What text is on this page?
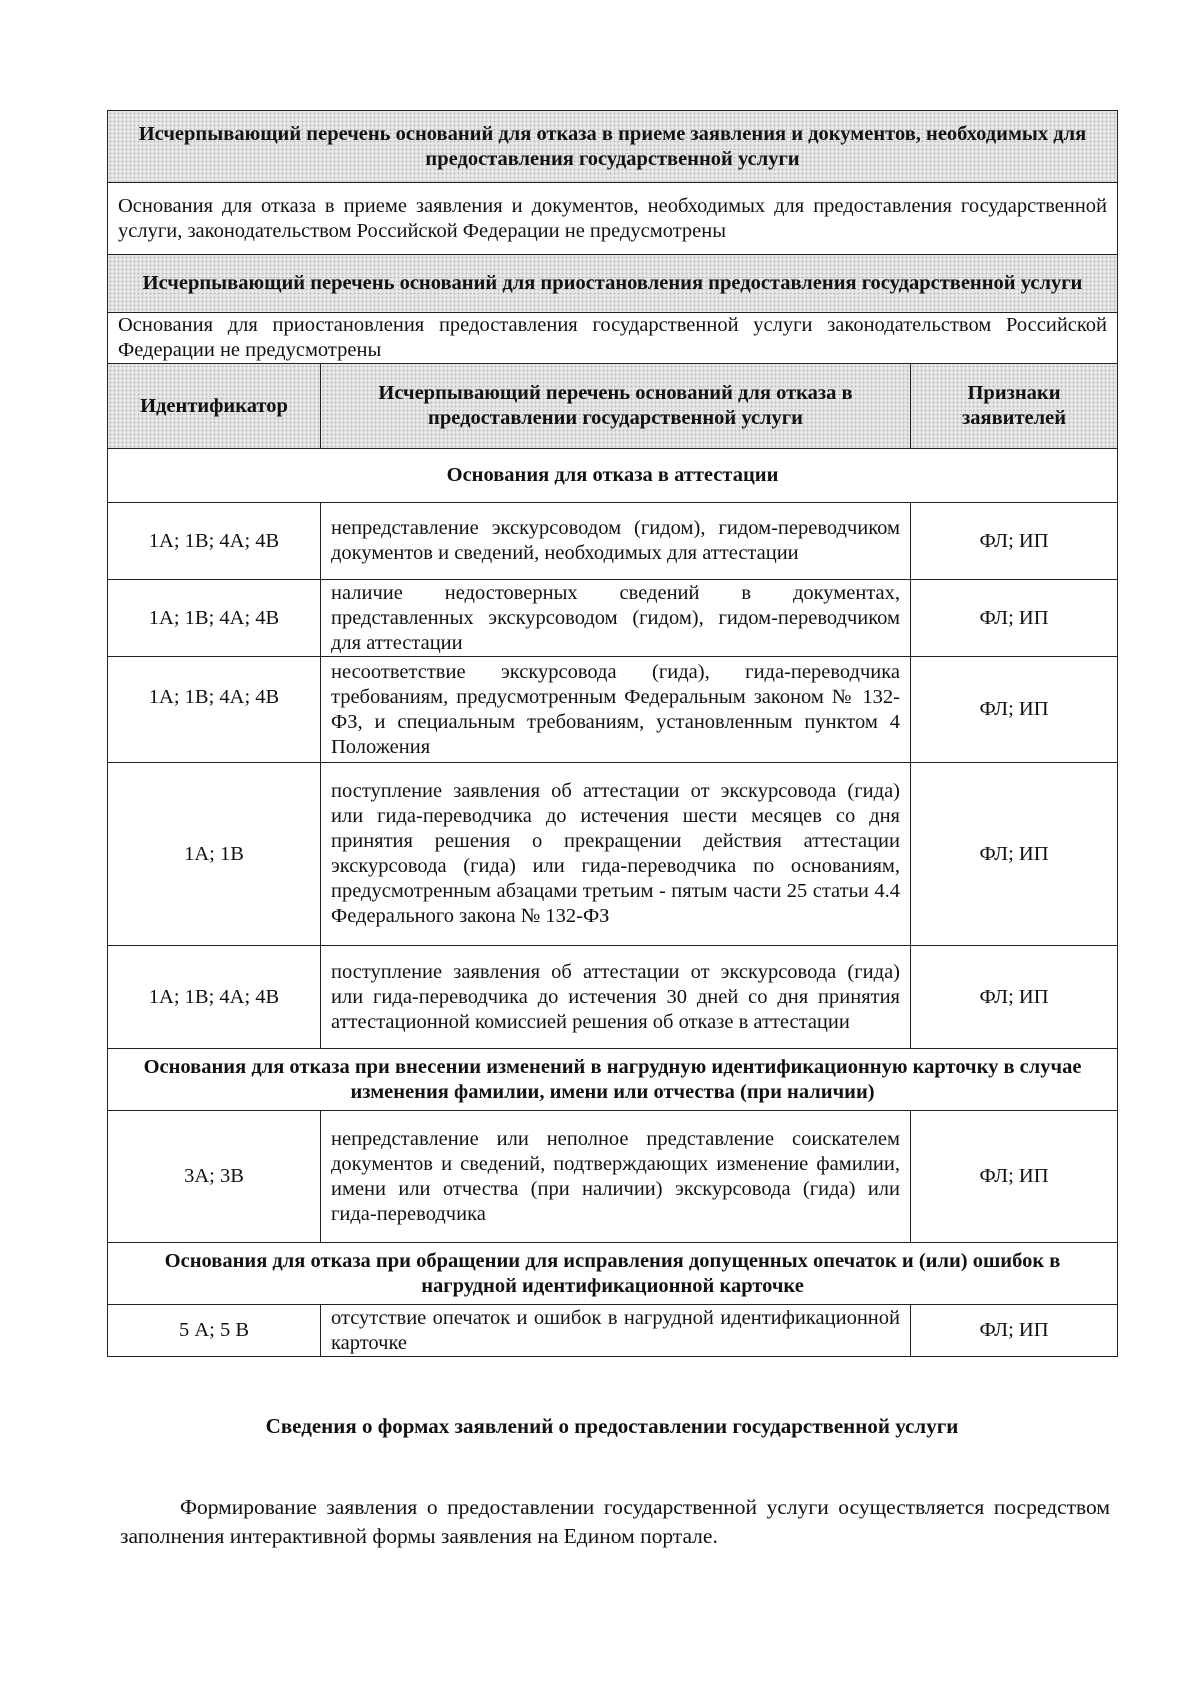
Исчерпывающий перечень оснований для отказа в приеме заявления и документов, необходимых для предоставления государственной услуги		
Основания для отказа в приеме заявления и документов, необходимых для предоставления государственной услуги, законодательством Российской Федерации не предусмотрены		
Исчерпывающий перечень оснований для приостановления предоставления государственной услуги		
Основания для приостановления предоставления государственной услуги законодательством Российской Федерации не предусмотрены		
Идентификатор	Исчерпывающий перечень оснований для отказа в предоставлении государственной услуги	Признаки заявителей
Основания для отказа в аттестации		
1А; 1В; 4А; 4В	непредставление экскурсоводом (гидом), гидом-переводчиком документов и сведений, необходимых для аттестации	ФЛ; ИП
1А; 1В; 4А; 4В	наличие недостоверных сведений в документах, представленных экскурсоводом (гидом), гидом-переводчиком для аттестации	ФЛ; ИП
1А; 1В; 4А; 4В	несоответствие экскурсовода (гида), гида-переводчика требованиям, предусмотренным Федеральным законом № 132-ФЗ, и специальным требованиям, установленным пунктом 4 Положения	ФЛ; ИП
1А; 1В	поступление заявления об аттестации от экскурсовода (гида) или гида-переводчика до истечения шести месяцев со дня принятия решения о прекращении действия аттестации экскурсовода (гида) или гида-переводчика по основаниям, предусмотренным абзацами третьим - пятым части 25 статьи 4.4 Федерального закона № 132-ФЗ	ФЛ; ИП
1А; 1В; 4А; 4В	поступление заявления об аттестации от экскурсовода (гида) или гида-переводчика до истечения 30 дней со дня принятия аттестационной комиссией решения об отказе в аттестации	ФЛ; ИП
Основания для отказа при внесении изменений в нагрудную идентификационную карточку в случае изменения фамилии, имени или отчества (при наличии)		
3А; 3В	непредставление или неполное представление соискателем документов и сведений, подтверждающих изменение фамилии, имени или отчества (при наличии) экскурсовода (гида) или гида-переводчика	ФЛ; ИП
Основания для отказа при обращении для исправления допущенных опечаток и (или) ошибок в нагрудной идентификационной карточке		
5 А; 5 В	отсутствие опечаток и ошибок в нагрудной идентификационной карточке	ФЛ; ИП
Сведения о формах заявлений о предоставлении государственной услуги
Формирование заявления о предоставлении государственной услуги осуществляется посредством заполнения интерактивной формы заявления на Едином портале.
